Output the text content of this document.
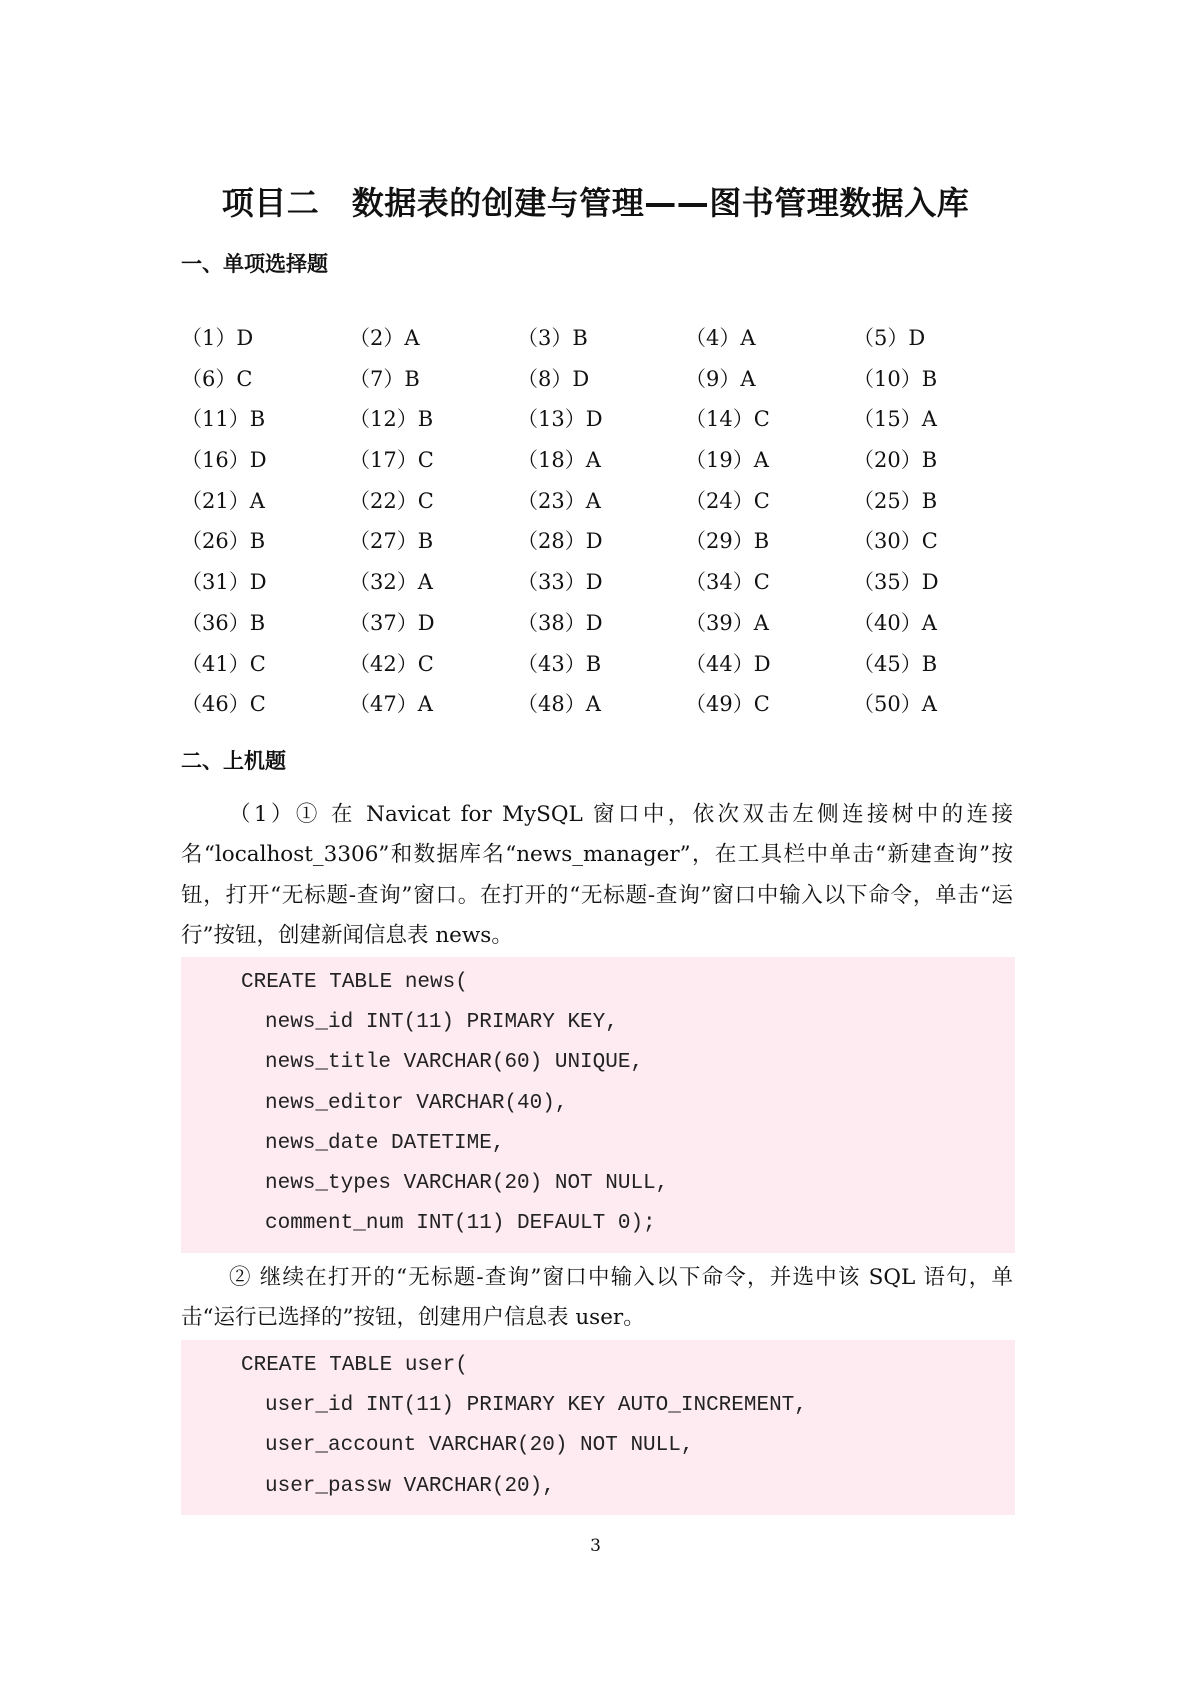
项目二　数据表的创建与管理——图书管理数据入库
一、单项选择题
（1）D	（2）A	（3）B	（4）A	（5）D
（6）C	（7）B	（8）D	（9）A	（10）B
（11）B	（12）B	（13）D	（14）C	（15）A
（16）D	（17）C	（18）A	（19）A	（20）B
（21）A	（22）C	（23）A	（24）C	（25）B
（26）B	（27）B	（28）D	（29）B	（30）C
（31）D	（32）A	（33）D	（34）C	（35）D
（36）B	（37）D	（38）D	（39）A	（40）A
（41）C	（42）C	（43）B	（44）D	（45）B
（46）C	（47）A	（48）A	（49）C	（50）A
二、上机题

（1）① 在 Navicat for MySQL 窗口中，依次双击左侧连接树中的连接名“localhost_3306”和数据库名“news_manager”，在工具栏中单击“新建查询”按钮，打开“无标题-查询”窗口。在打开的“无标题-查询”窗口中输入以下命令，单击“运行”按钮，创建新闻信息表 news。

CREATE TABLE news(
news_id INT(11) PRIMARY KEY,
news_title VARCHAR(60) UNIQUE,
news_editor VARCHAR(40),
news_date DATETIME,
news_types VARCHAR(20) NOT NULL,
comment_num INT(11) DEFAULT 0);

② 继续在打开的“无标题-查询”窗口中输入以下命令，并选中该 SQL 语句，单击“运行已选择的”按钮，创建用户信息表 user。

CREATE TABLE user(
user_id INT(11) PRIMARY KEY AUTO_INCREMENT,
user_account VARCHAR(20) NOT NULL,
user_passw VARCHAR(20),
3
